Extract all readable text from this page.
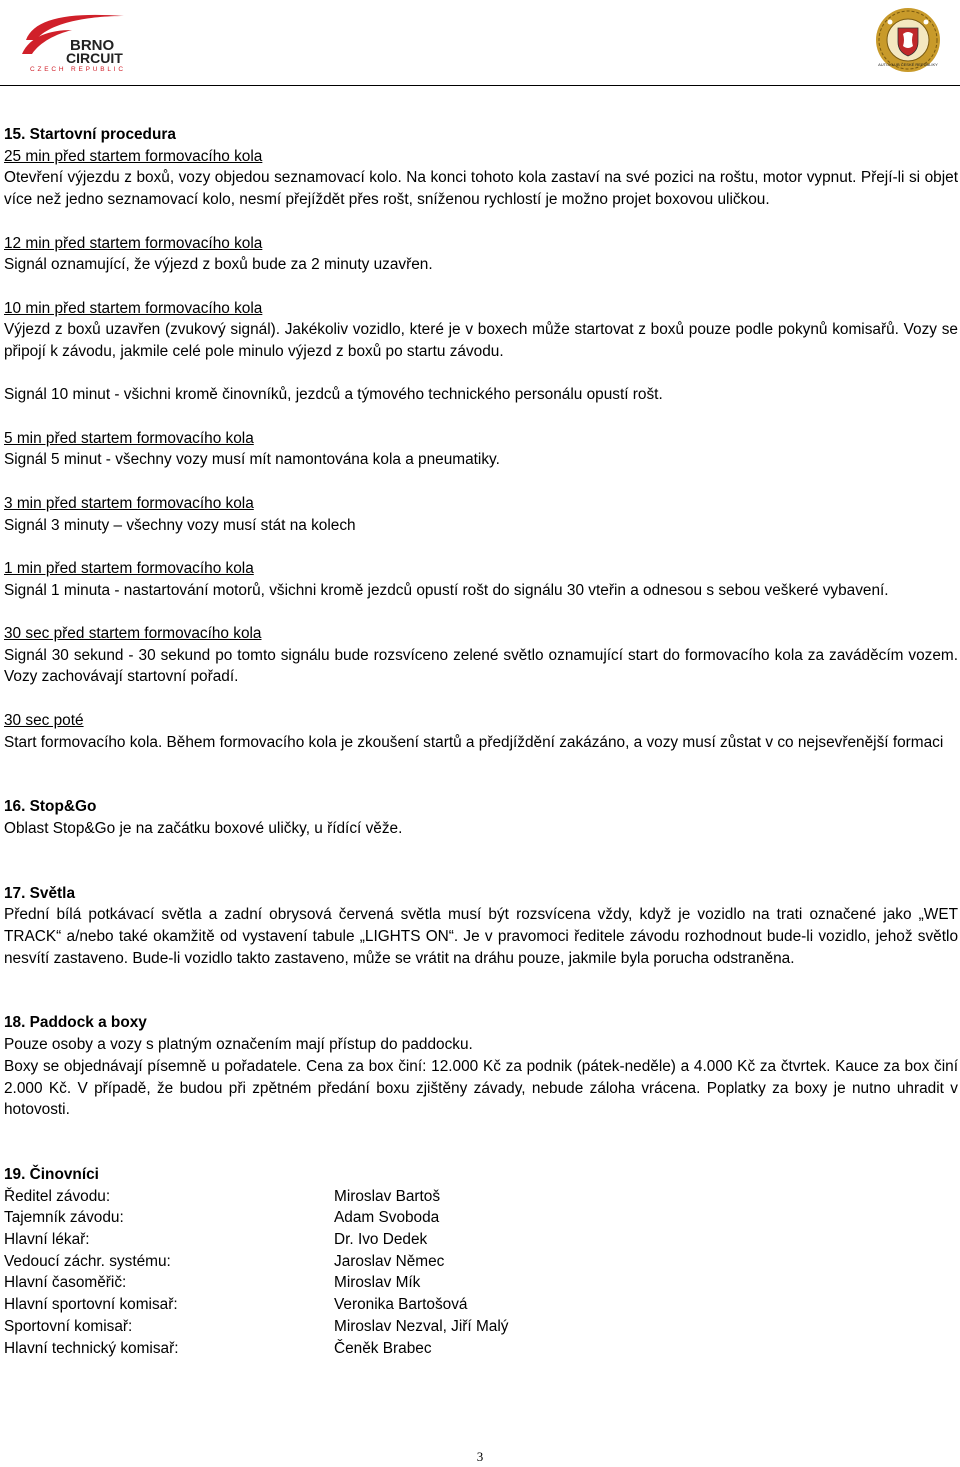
BRNO
CIRCUIT
CZECH REPUBLIC
AUTOKLUB ČESKÉ REPUBLIKY

15. Startovní procedura

25 min před startem formovacího kola

Otevření výjezdu z boxů, vozy objedou seznamovací kolo. Na konci tohoto kola zastaví na své pozici na roštu, motor vypnut. Přejí-li si objet více než jedno seznamovací kolo, nesmí přejíždět přes rošt, sníženou rychlostí je možno projet boxovou uličkou.

12 min před startem formovacího kola

Signál oznamující, že výjezd z boxů bude za 2 minuty uzavřen.

10 min před startem formovacího kola

Výjezd z boxů uzavřen (zvukový signál). Jakékoliv vozidlo, které je v boxech může startovat z boxů pouze podle pokynů komisařů. Vozy se připojí k závodu, jakmile celé pole minulo výjezd z boxů po startu závodu.

Signál 10 minut - všichni kromě činovníků, jezdců a týmového technického personálu opustí rošt.

5 min před startem formovacího kola

Signál 5 minut - všechny vozy musí mít namontována kola a pneumatiky.

3 min před startem formovacího kola

Signál 3 minuty – všechny vozy musí stát na kolech

1 min před startem formovacího kola

Signál 1 minuta - nastartování motorů, všichni kromě jezdců opustí rošt do signálu 30 vteřin a odnesou s sebou veškeré vybavení.

30 sec před startem formovacího kola

Signál 30 sekund - 30 sekund po tomto signálu bude rozsvíceno zelené světlo oznamující start do formovacího kola za zaváděcím vozem. Vozy zachovávají startovní pořadí.

30 sec poté

Start formovacího kola. Během formovacího kola je zkoušení startů a předjíždění zakázáno, a vozy musí zůstat v co nejsevřenější formaci

16. Stop&Go

Oblast Stop&Go je na začátku boxové uličky, u řídící věže.

17. Světla

Přední bílá potkávací světla a zadní obrysová červená světla musí být rozsvícena vždy, když je vozidlo na trati označené jako „WET TRACK“ a/nebo také okamžitě od vystavení tabule „LIGHTS ON“. Je v pravomoci ředitele závodu rozhodnout bude-li vozidlo, jehož světlo nesvítí zastaveno. Bude-li vozidlo takto zastaveno, může se vrátit na dráhu pouze, jakmile byla porucha odstraněna.

18. Paddock a boxy

Pouze osoby a vozy s platným označením mají přístup do paddocku.

Boxy se objednávají písemně u pořadatele. Cena za box činí: 12.000 Kč za podnik (pátek-neděle) a 4.000 Kč za čtvrtek. Kauce za box činí 2.000 Kč. V případě, že budou při zpětném předání boxu zjištěny závady, nebude záloha vrácena. Poplatky za boxy je nutno uhradit v hotovosti.

19. Činovníci

Ředitel závodu:	Miroslav Bartoš
Tajemník závodu:	Adam Svoboda
Hlavní lékař:	Dr. Ivo Dedek
Vedoucí záchr. systému:	Jaroslav Němec
Hlavní časoměřič:	Miroslav Mík
Hlavní sportovní komisař:	Veronika Bartošová
Sportovní komisař:	Miroslav Nezval, Jiří Malý
Hlavní technický komisař:	Čeněk Brabec
3
